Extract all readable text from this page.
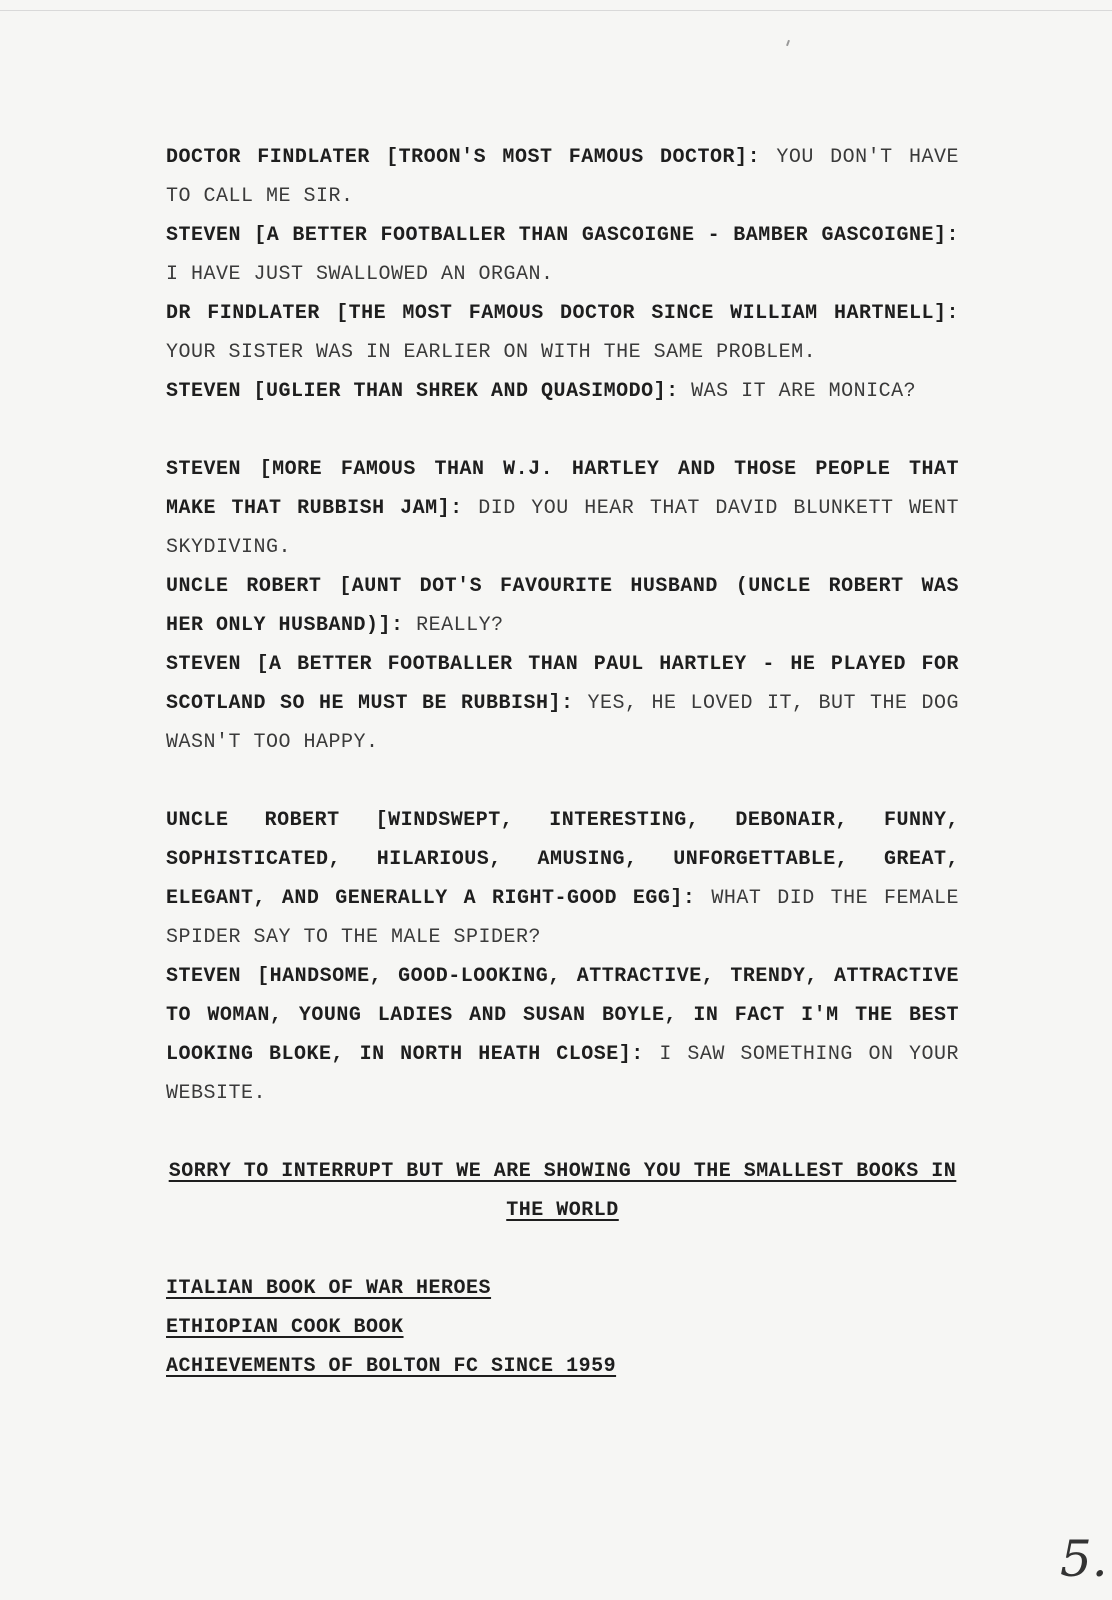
DOCTOR FINDLATER [TROON'S MOST FAMOUS DOCTOR]: YOU DON'T HAVE TO CALL ME SIR.

STEVEN [A BETTER FOOTBALLER THAN GASCOIGNE - BAMBER GASCOIGNE]: I HAVE JUST SWALLOWED AN ORGAN.

DR FINDLATER [THE MOST FAMOUS DOCTOR SINCE WILLIAM HARTNELL]: YOUR SISTER WAS IN EARLIER ON WITH THE SAME PROBLEM.

STEVEN [UGLIER THAN SHREK AND QUASIMODO]: WAS IT ARE MONICA?

STEVEN [MORE FAMOUS THAN W.J. HARTLEY AND THOSE PEOPLE THAT MAKE THAT RUBBISH JAM]: DID YOU HEAR THAT DAVID BLUNKETT WENT SKYDIVING.

UNCLE ROBERT [AUNT DOT'S FAVOURITE HUSBAND (UNCLE ROBERT WAS HER ONLY HUSBAND)]: REALLY?

STEVEN [A BETTER FOOTBALLER THAN PAUL HARTLEY - HE PLAYED FOR SCOTLAND SO HE MUST BE RUBBISH]: YES, HE LOVED IT, BUT THE DOG WASN'T TOO HAPPY.

UNCLE ROBERT [WINDSWEPT, INTERESTING, DEBONAIR, FUNNY, SOPHISTICATED, HILARIOUS, AMUSING, UNFORGETTABLE, GREAT, ELEGANT, AND GENERALLY A RIGHT-GOOD EGG]: WHAT DID THE FEMALE SPIDER SAY TO THE MALE SPIDER?

STEVEN [HANDSOME, GOOD-LOOKING, ATTRACTIVE, TRENDY, ATTRACTIVE TO WOMAN, YOUNG LADIES AND SUSAN BOYLE, IN FACT I'M THE BEST LOOKING BLOKE, IN NORTH HEATH CLOSE]: I SAW SOMETHING ON YOUR WEBSITE.

SORRY TO INTERRUPT BUT WE ARE SHOWING YOU THE SMALLEST BOOKS IN THE WORLD

ITALIAN BOOK OF WAR HEROES
ETHIOPIAN COOK BOOK
ACHIEVEMENTS OF BOLTON FC SINCE 1959
5.
